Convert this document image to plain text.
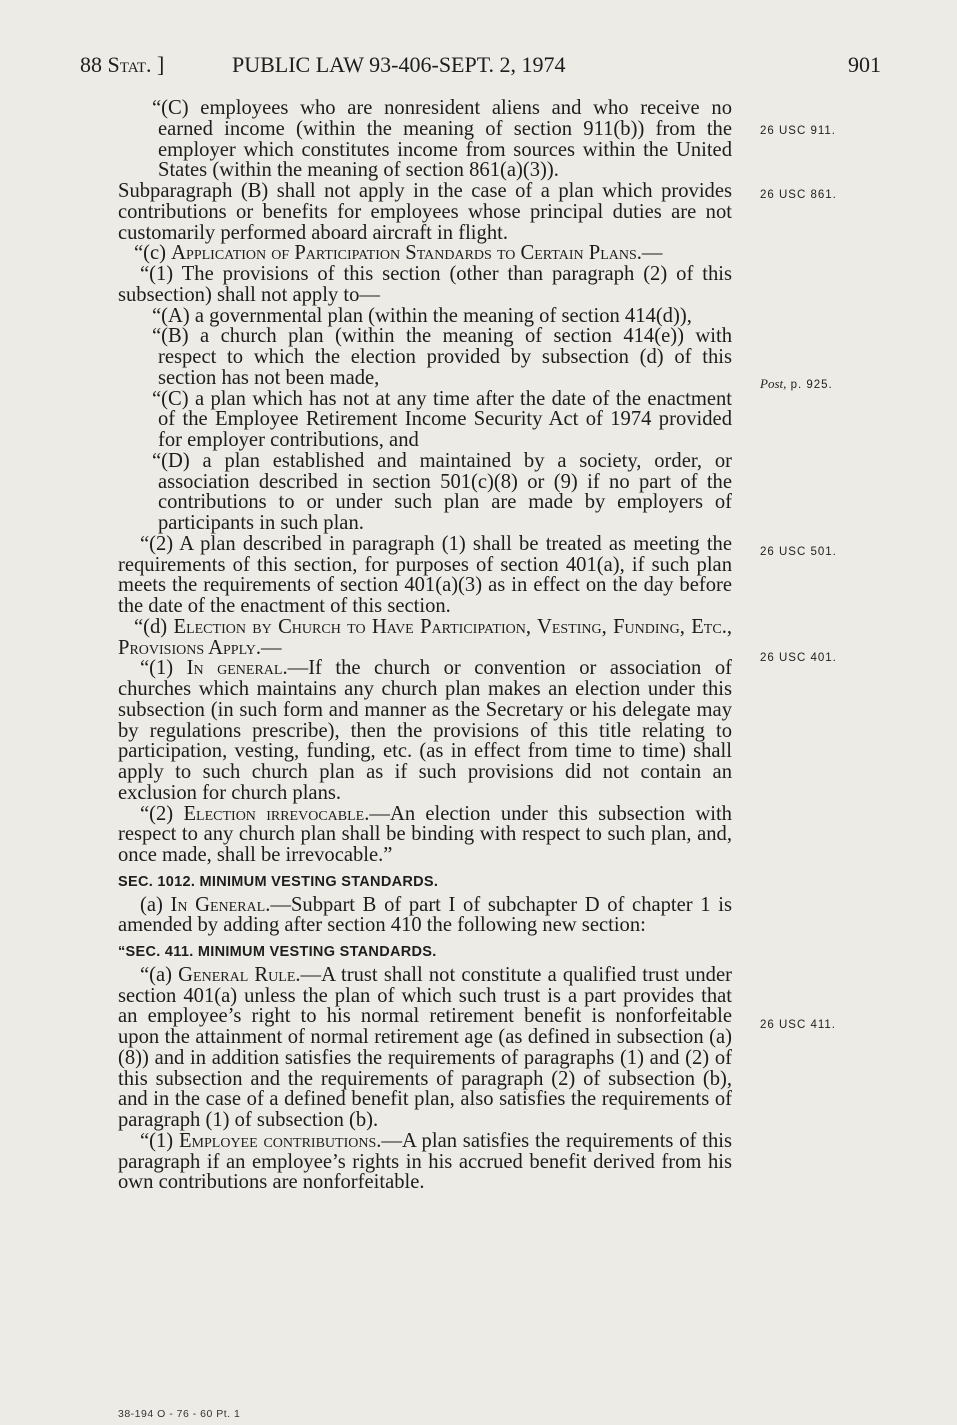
88 Stat. ]	PUBLIC LAW 93-406-SEPT. 2, 1974	901
26 USC 911.
26 USC 861.
Post, p. 925.
26 USC 501.
26 USC 401.
26 USC 411.

“(C) employees who are nonresident aliens and who receive no earned income (within the meaning of section 911(b)) from the employer which constitutes income from sources within the United States (within the meaning of section 861(a)(3)).

Subparagraph (B) shall not apply in the case of a plan which provides contributions or benefits for employees whose principal duties are not customarily performed aboard aircraft in flight.

“(c) Application of Participation Standards to Certain Plans.—

“(1) The provisions of this section (other than paragraph (2) of this subsection) shall not apply to—

“(A) a governmental plan (within the meaning of section 414(d)),

“(B) a church plan (within the meaning of section 414(e)) with respect to which the election provided by subsection (d) of this section has not been made,

“(C) a plan which has not at any time after the date of the enactment of the Employee Retirement Income Security Act of 1974 provided for employer contributions, and

“(D) a plan established and maintained by a society, order, or association described in section 501(c)(8) or (9) if no part of the contributions to or under such plan are made by employers of participants in such plan.

“(2) A plan described in paragraph (1) shall be treated as meeting the requirements of this section, for purposes of section 401(a), if such plan meets the requirements of section 401(a)(3) as in effect on the day before the date of the enactment of this section.

“(d) Election by Church to Have Participation, Vesting, Funding, Etc., Provisions Apply.—

“(1) In general.—If the church or convention or association of churches which maintains any church plan makes an election under this subsection (in such form and manner as the Secretary or his delegate may by regulations prescribe), then the provisions of this title relating to participation, vesting, funding, etc. (as in effect from time to time) shall apply to such church plan as if such provisions did not contain an exclusion for church plans.

“(2) Election irrevocable.—An election under this subsection with respect to any church plan shall be binding with respect to such plan, and, once made, shall be irrevocable.”

SEC. 1012. MINIMUM VESTING STANDARDS.

(a) In General.—Subpart B of part I of subchapter D of chapter 1 is amended by adding after section 410 the following new section:

“SEC. 411. MINIMUM VESTING STANDARDS.

“(a) General Rule.—A trust shall not constitute a qualified trust under section 401(a) unless the plan of which such trust is a part provides that an employee’s right to his normal retirement benefit is nonforfeitable upon the attainment of normal retirement age (as defined in subsection (a)(8)) and in addition satisfies the requirements of paragraphs (1) and (2) of this subsection and the requirements of paragraph (2) of subsection (b), and in the case of a defined benefit plan, also satisfies the requirements of paragraph (1) of subsection (b).

“(1) Employee contributions.—A plan satisfies the requirements of this paragraph if an employee’s rights in his accrued benefit derived from his own contributions are nonforfeitable.

38-194 O - 76 - 60 Pt. 1
